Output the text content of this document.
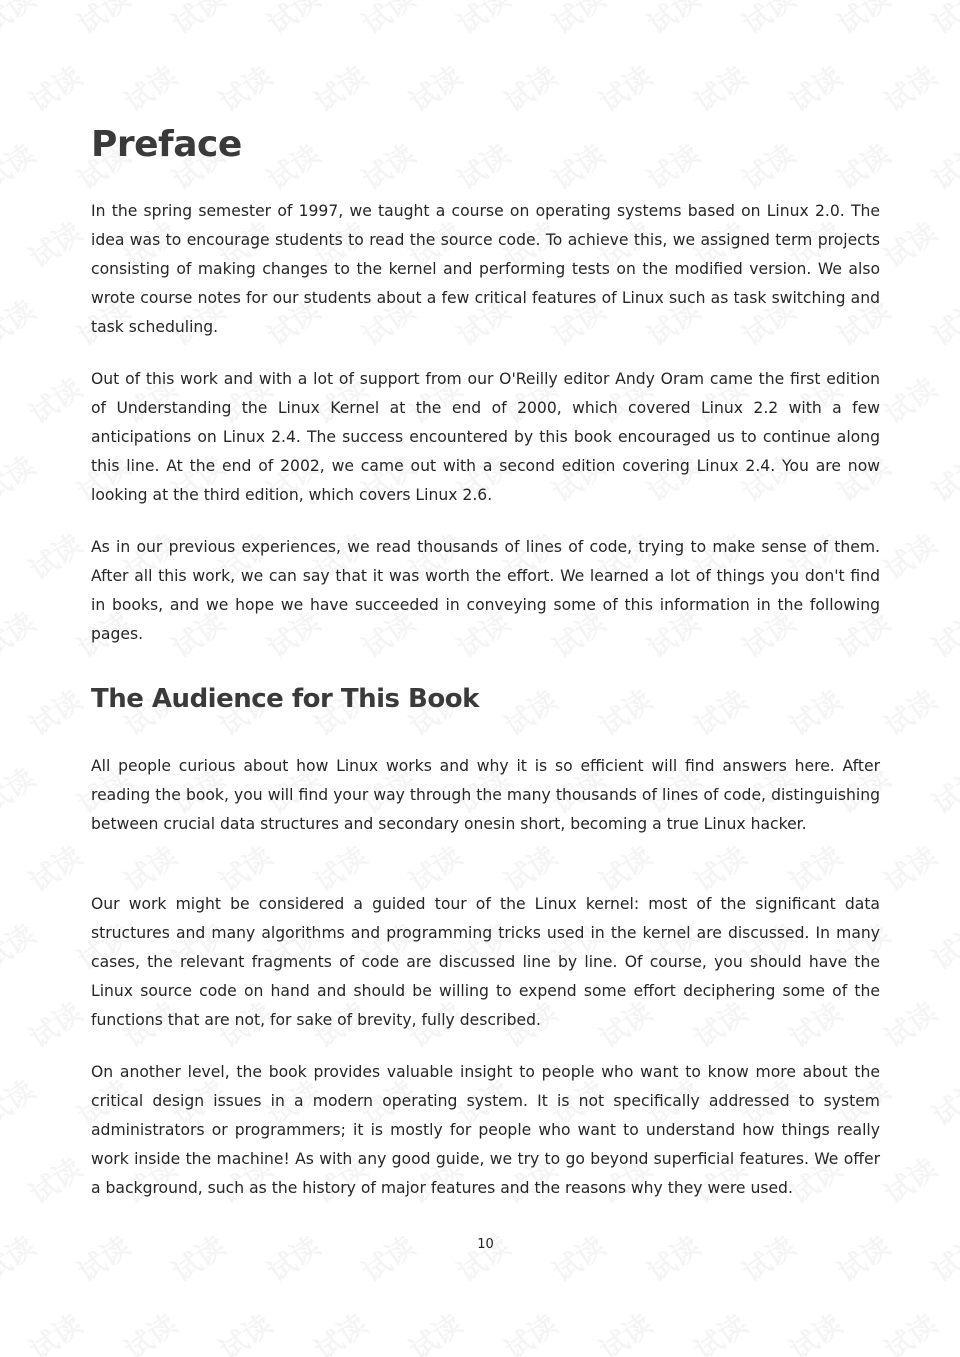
Preface

In the spring semester of 1997, we taught a course on operating systems based on Linux 2.0. The idea was to encourage students to read the source code. To achieve this, we assigned term projects consisting of making changes to the kernel and performing tests on the modified version. We also wrote course notes for our students about a few critical features of Linux such as task switching and task scheduling.

Out of this work and with a lot of support from our O'Reilly editor Andy Oram came the first edition of Understanding the Linux Kernel at the end of 2000, which covered Linux 2.2 with a few anticipations on Linux 2.4. The success encountered by this book encouraged us to continue along this line. At the end of 2002, we came out with a second edition covering Linux 2.4. You are now looking at the third edition, which covers Linux 2.6.

As in our previous experiences, we read thousands of lines of code, trying to make sense of them. After all this work, we can say that it was worth the effort. We learned a lot of things you don't find in books, and we hope we have succeeded in conveying some of this information in the following pages.

The Audience for This Book

All people curious about how Linux works and why it is so efficient will find answers here. After reading the book, you will find your way through the many thousands of lines of code, distinguishing between crucial data structures and secondary onesin short, becoming a true Linux hacker.

Our work might be considered a guided tour of the Linux kernel: most of the significant data structures and many algorithms and programming tricks used in the kernel are discussed. In many cases, the relevant fragments of code are discussed line by line. Of course, you should have the Linux source code on hand and should be willing to expend some effort deciphering some of the functions that are not, for sake of brevity, fully described.

On another level, the book provides valuable insight to people who want to know more about the critical design issues in a modern operating system. It is not specifically addressed to system administrators or programmers; it is mostly for people who want to understand how things really work inside the machine! As with any good guide, we try to go beyond superficial features. We offer a background, such as the history of major features and the reasons why they were used.

10
